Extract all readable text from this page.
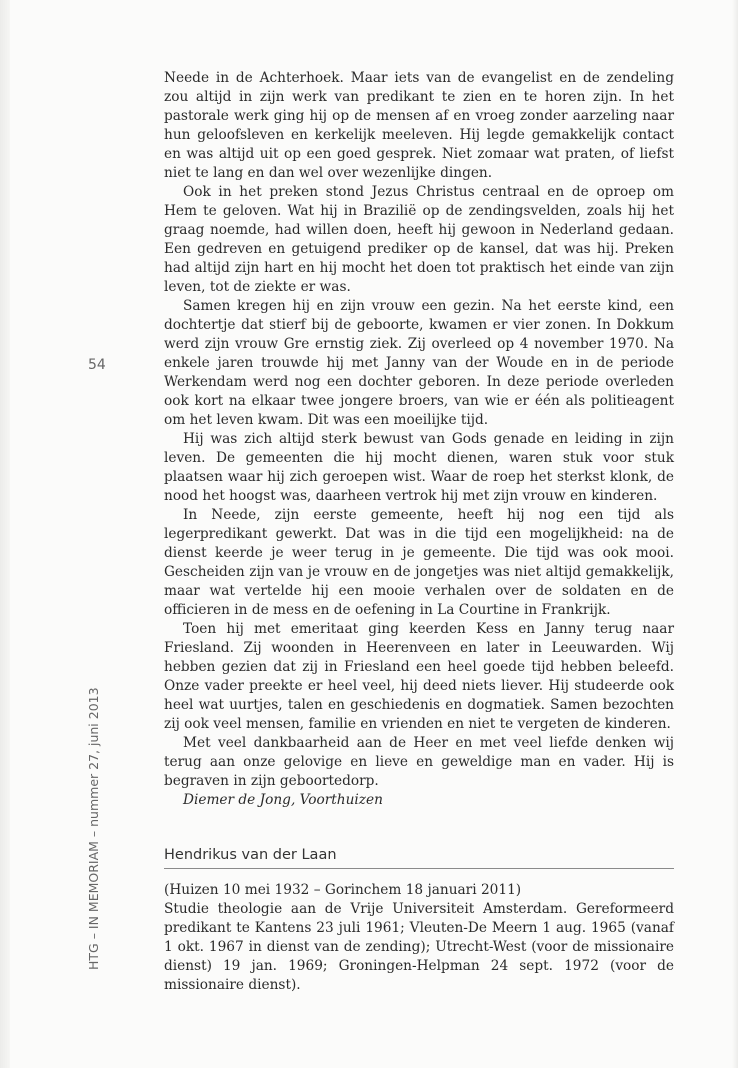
54
HTG – IN MEMORIAM – nummer 27, juni 2013

Neede in de Achterhoek. Maar iets van de evangelist en de zendeling zou altijd in zijn werk van predikant te zien en te horen zijn. In het pastorale werk ging hij op de mensen af en vroeg zonder aarzeling naar hun geloofsleven en kerkelijk meeleven. Hij legde gemakkelijk contact en was altijd uit op een goed gesprek. Niet zomaar wat praten, of liefst niet te lang en dan wel over wezenlijke dingen.

Ook in het preken stond Jezus Christus centraal en de oproep om Hem te geloven. Wat hij in Brazilië op de zendingsvelden, zoals hij het graag noemde, had willen doen, heeft hij gewoon in Nederland gedaan. Een gedreven en getuigend prediker op de kansel, dat was hij. Preken had altijd zijn hart en hij mocht het doen tot praktisch het einde van zijn leven, tot de ziekte er was.

Samen kregen hij en zijn vrouw een gezin. Na het eerste kind, een dochtertje dat stierf bij de geboorte, kwamen er vier zonen. In Dokkum werd zijn vrouw Gre ernstig ziek. Zij overleed op 4 november 1970. Na enkele jaren trouwde hij met Janny van der Woude en in de periode Werkendam werd nog een dochter geboren. In deze periode overleden ook kort na elkaar twee jongere broers, van wie er één als politieagent om het leven kwam. Dit was een moeilijke tijd.

Hij was zich altijd sterk bewust van Gods genade en leiding in zijn leven. De gemeenten die hij mocht dienen, waren stuk voor stuk plaatsen waar hij zich geroepen wist. Waar de roep het sterkst klonk, de nood het hoogst was, daarheen vertrok hij met zijn vrouw en kinderen.

In Neede, zijn eerste gemeente, heeft hij nog een tijd als legerpredikant gewerkt. Dat was in die tijd een mogelijkheid: na de dienst keerde je weer terug in je gemeente. Die tijd was ook mooi. Gescheiden zijn van je vrouw en de jongetjes was niet altijd gemakkelijk, maar wat vertelde hij een mooie verhalen over de soldaten en de officieren in de mess en de oefening in La Courtine in Frankrijk.

Toen hij met emeritaat ging keerden Kess en Janny terug naar Friesland. Zij woonden in Heerenveen en later in Leeuwarden. Wij hebben gezien dat zij in Friesland een heel goede tijd hebben beleefd. Onze vader preekte er heel veel, hij deed niets liever. Hij studeerde ook heel wat uurtjes, talen en geschiedenis en dogmatiek. Samen bezochten zij ook veel mensen, familie en vrienden en niet te vergeten de kinderen.

Met veel dankbaarheid aan de Heer en met veel liefde denken wij terug aan onze gelovige en lieve en geweldige man en vader. Hij is begraven in zijn geboortedorp.

Diemer de Jong, Voorthuizen

Hendrikus van der Laan

(Huizen 10 mei 1932 – Gorinchem 18 januari 2011)

Studie theologie aan de Vrije Universiteit Amsterdam. Gereformeerd predikant te Kantens 23 juli 1961; Vleuten-De Meern 1 aug. 1965 (vanaf 1 okt. 1967 in dienst van de zending); Utrecht-West (voor de missionaire dienst) 19 jan. 1969; Groningen-Helpman 24 sept. 1972 (voor de missionaire dienst).
